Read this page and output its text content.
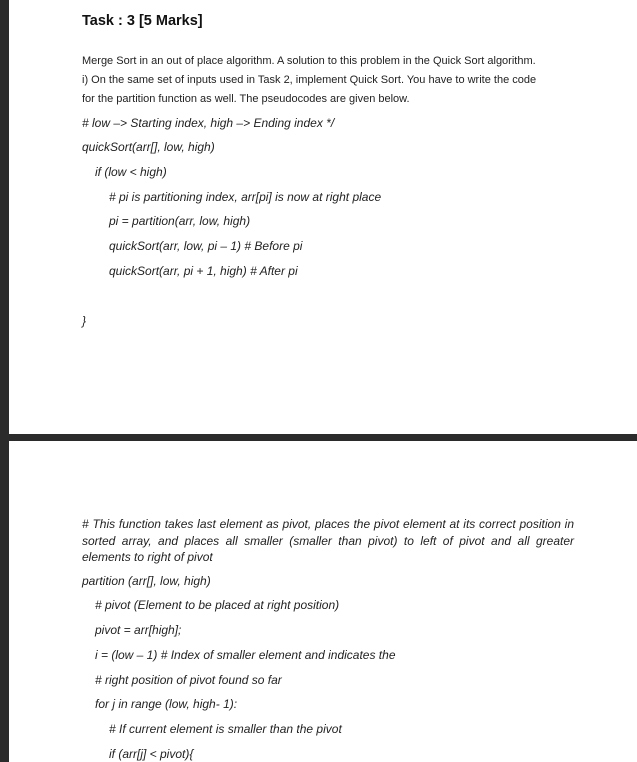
Task : 3 [5 Marks]

Merge Sort in an out of place algorithm. A solution to this problem in the Quick Sort algorithm.

i) On the same set of inputs used in Task 2, implement Quick Sort. You have to write the code

for the partition function as well. The pseudocodes are given below.

# low –> Starting index, high –> Ending index */

quickSort(arr[], low, high)

if (low < high)

# pi is partitioning index, arr[pi] is now at right place

pi = partition(arr, low, high)

quickSort(arr, low, pi – 1) # Before pi

quickSort(arr, pi + 1, high) # After pi

}

# This function takes last element as pivot, places the pivot element at its correct position in sorted array, and places all smaller (smaller than pivot) to left of pivot and all greater elements to right of pivot

partition (arr[], low, high)

# pivot (Element to be placed at right position)

pivot = arr[high];

i = (low – 1) # Index of smaller element and indicates the

# right position of pivot found so far

for j in range (low, high- 1):

# If current element is smaller than the pivot

if (arr[j] < pivot){
